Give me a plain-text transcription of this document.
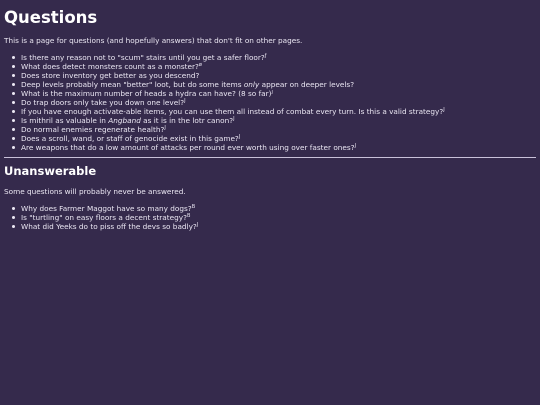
Questions

This is a page for questions (and hopefully answers) that don't fit on other pages.

Is there any reason not to "scum" stairs until you get a safer floor?$^ƒ$
What does detect monsters count as a monster?$^ø$
Does store inventory get better as you descend?
Deep levels probably mean "better" loot, but do some items only appear on deeper levels?
What is the maximum number of heads a hydra can have? (8 so far)$^ȷ$
Do trap doors only take you down one level?$^J$
If you have enough activate-able items, you can use them all instead of combat every turn. Is this a valid strategy?$^J$
Is mithril as valuable in Angband as it is in the lotr canon?$^J$
Do normal enemies regenerate health?$^J$
Does a scroll, wand, or staff of genocide exist in this game?$^J$
Are weapons that do a low amount of attacks per round ever worth using over faster ones?$^J$
Unanswerable

Some questions will probably never be answered.

Why does Farmer Maggot have so many dogs?$^B$
Is "turtling" on easy floors a decent strategy?$^B$
What did Yeeks do to piss off the devs so badly?$^J$
